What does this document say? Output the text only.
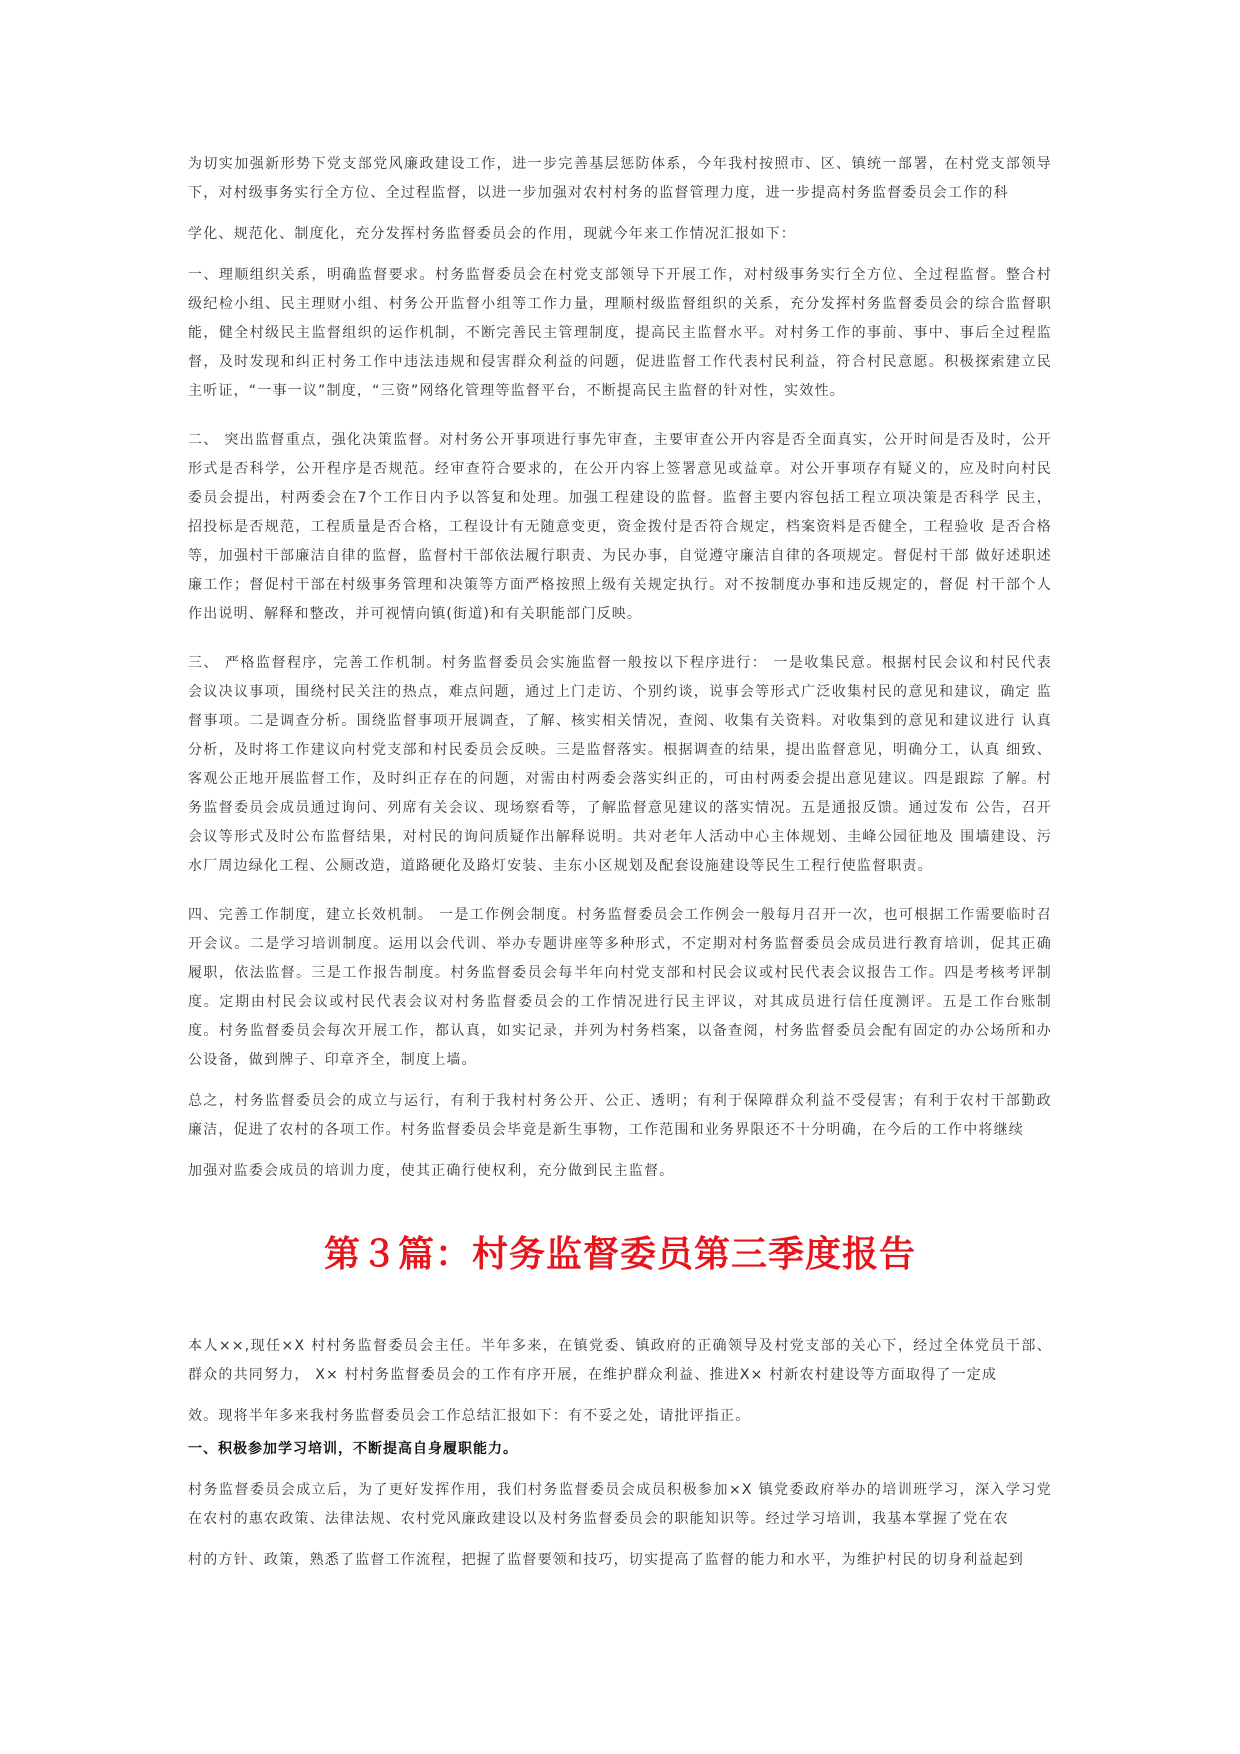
为切实加强新形势下党支部党风廉政建设工作，进一步完善基层惩防体系，今年我村按照市、区、镇统一部署，在村党支部领导下，对村级事务实行全方位、全过程监督，以进一步加强对农村村务的监督管理力度，进一步提高村务监督委员会工作的科

学化、规范化、制度化，充分发挥村务监督委员会的作用，现就今年来工作情况汇报如下：

一、理顺组织关系，明确监督要求。村务监督委员会在村党支部领导下开展工作，对村级事务实行全方位、全过程监督。整合村级纪检小组、民主理财小组、村务公开监督小组等工作力量，理顺村级监督组织的关系，充分发挥村务监督委员会的综合监督职能，健全村级民主监督组织的运作机制，不断完善民主管理制度，提高民主监督水平。对村务工作的事前、事中、事后全过程监督，及时发现和纠正村务工作中违法违规和侵害群众利益的问题，促进监督工作代表村民利益，符合村民意愿。积极探索建立民主听证，“一事一议”制度，“三资”网络化管理等监督平台，不断提高民主监督的针对性，实效性。

二、 突出监督重点，强化决策监督。对村务公开事项进行事先审查，主要审查公开内容是否全面真实，公开时间是否及时，公开形式是否科学，公开程序是否规范。经审查符合要求的，在公开内容上签署意见或益章。对公开事项存有疑义的，应及时向村民委员会提出，村两委会在7个工作日内予以答复和处理。加强工程建设的监督。监督主要内容包括工程立项决策是否科学 民主，招投标是否规范，工程质量是否合格，工程设计有无随意变更，资金拨付是否符合规定，档案资料是否健全，工程验收 是否合格等，加强村干部廉洁自律的监督，监督村干部依法履行职责、为民办事，自觉遵守廉洁自律的各项规定。督促村干部 做好述职述廉工作；督促村干部在村级事务管理和决策等方面严格按照上级有关规定执行。对不按制度办事和违反规定的，督促 村干部个人作出说明、解释和整改，并可视情向镇(街道)和有关职能部门反映。

三、 严格监督程序，完善工作机制。村务监督委员会实施监督一般按以下程序进行： 一是收集民意。根据村民会议和村民代表 会议决议事项，围绕村民关注的热点，难点问题，通过上门走访、个别约谈，说事会等形式广泛收集村民的意见和建议，确定 监督事项。二是调查分析。围绕监督事项开展调查，了解、核实相关情况，查阅、收集有关资料。对收集到的意见和建议进行 认真分析，及时将工作建议向村党支部和村民委员会反映。三是监督落实。根据调查的结果，提出监督意见，明确分工，认真 细致、客观公正地开展监督工作，及时纠正存在的问题，对需由村两委会落实纠正的，可由村两委会提出意见建议。四是跟踪 了解。村务监督委员会成员通过询问、列席有关会议、现场察看等，了解监督意见建议的落实情况。五是通报反馈。通过发布 公告，召开会议等形式及时公布监督结果，对村民的询问质疑作出解释说明。共对老年人活动中心主体规划、圭峰公园征地及 围墙建设、污水厂周边绿化工程、公厕改造，道路硬化及路灯安装、圭东小区规划及配套设施建设等民生工程行使监督职责。

四、完善工作制度，建立长效机制。 一是工作例会制度。村务监督委员会工作例会一般每月召开一次，也可根据工作需要临时召开会议。二是学习培训制度。运用以会代训、举办专题讲座等多种形式，不定期对村务监督委员会成员进行教育培训，促其正确履职，依法监督。三是工作报告制度。村务监督委员会每半年向村党支部和村民会议或村民代表会议报告工作。四是考核考评制度。定期由村民会议或村民代表会议对村务监督委员会的工作情况进行民主评议，对其成员进行信任度测评。五是工作台账制度。村务监督委员会每次开展工作，都认真，如实记录，并列为村务档案，以备查阅，村务监督委员会配有固定的办公场所和办公设备，做到牌子、印章齐全，制度上墙。

总之，村务监督委员会的成立与运行，有利于我村村务公开、公正、透明；有利于保障群众利益不受侵害；有利于农村干部勤政廉洁，促进了农村的各项工作。村务监督委员会毕竟是新生事物，工作范围和业务界限还不十分明确，在今后的工作中将继续

加强对监委会成员的培训力度，使其正确行使权利，充分做到民主监督。

第３篇：村务监督委员第三季度报告

本人××,现任×X 村村务监督委员会主任。半年多来，在镇党委、镇政府的正确领导及村党支部的关心下，经过全体党员干部、群众的共同努力， X× 村村务监督委员会的工作有序开展，在维护群众利益、推进X× 村新农村建设等方面取得了一定成

效。现将半年多来我村务监督委员会工作总结汇报如下：有不妥之处，请批评指正。

一、积极参加学习培训，不断提高自身履职能力。

村务监督委员会成立后，为了更好发挥作用，我们村务监督委员会成员积极参加×X 镇党委政府举办的培训班学习，深入学习党在农村的惠农政策、法律法规、农村党风廉政建设以及村务监督委员会的职能知识等。经过学习培训，我基本掌握了党在农

村的方针、政策，熟悉了监督工作流程，把握了监督要领和技巧，切实提高了监督的能力和水平，为维护村民的切身利益起到
